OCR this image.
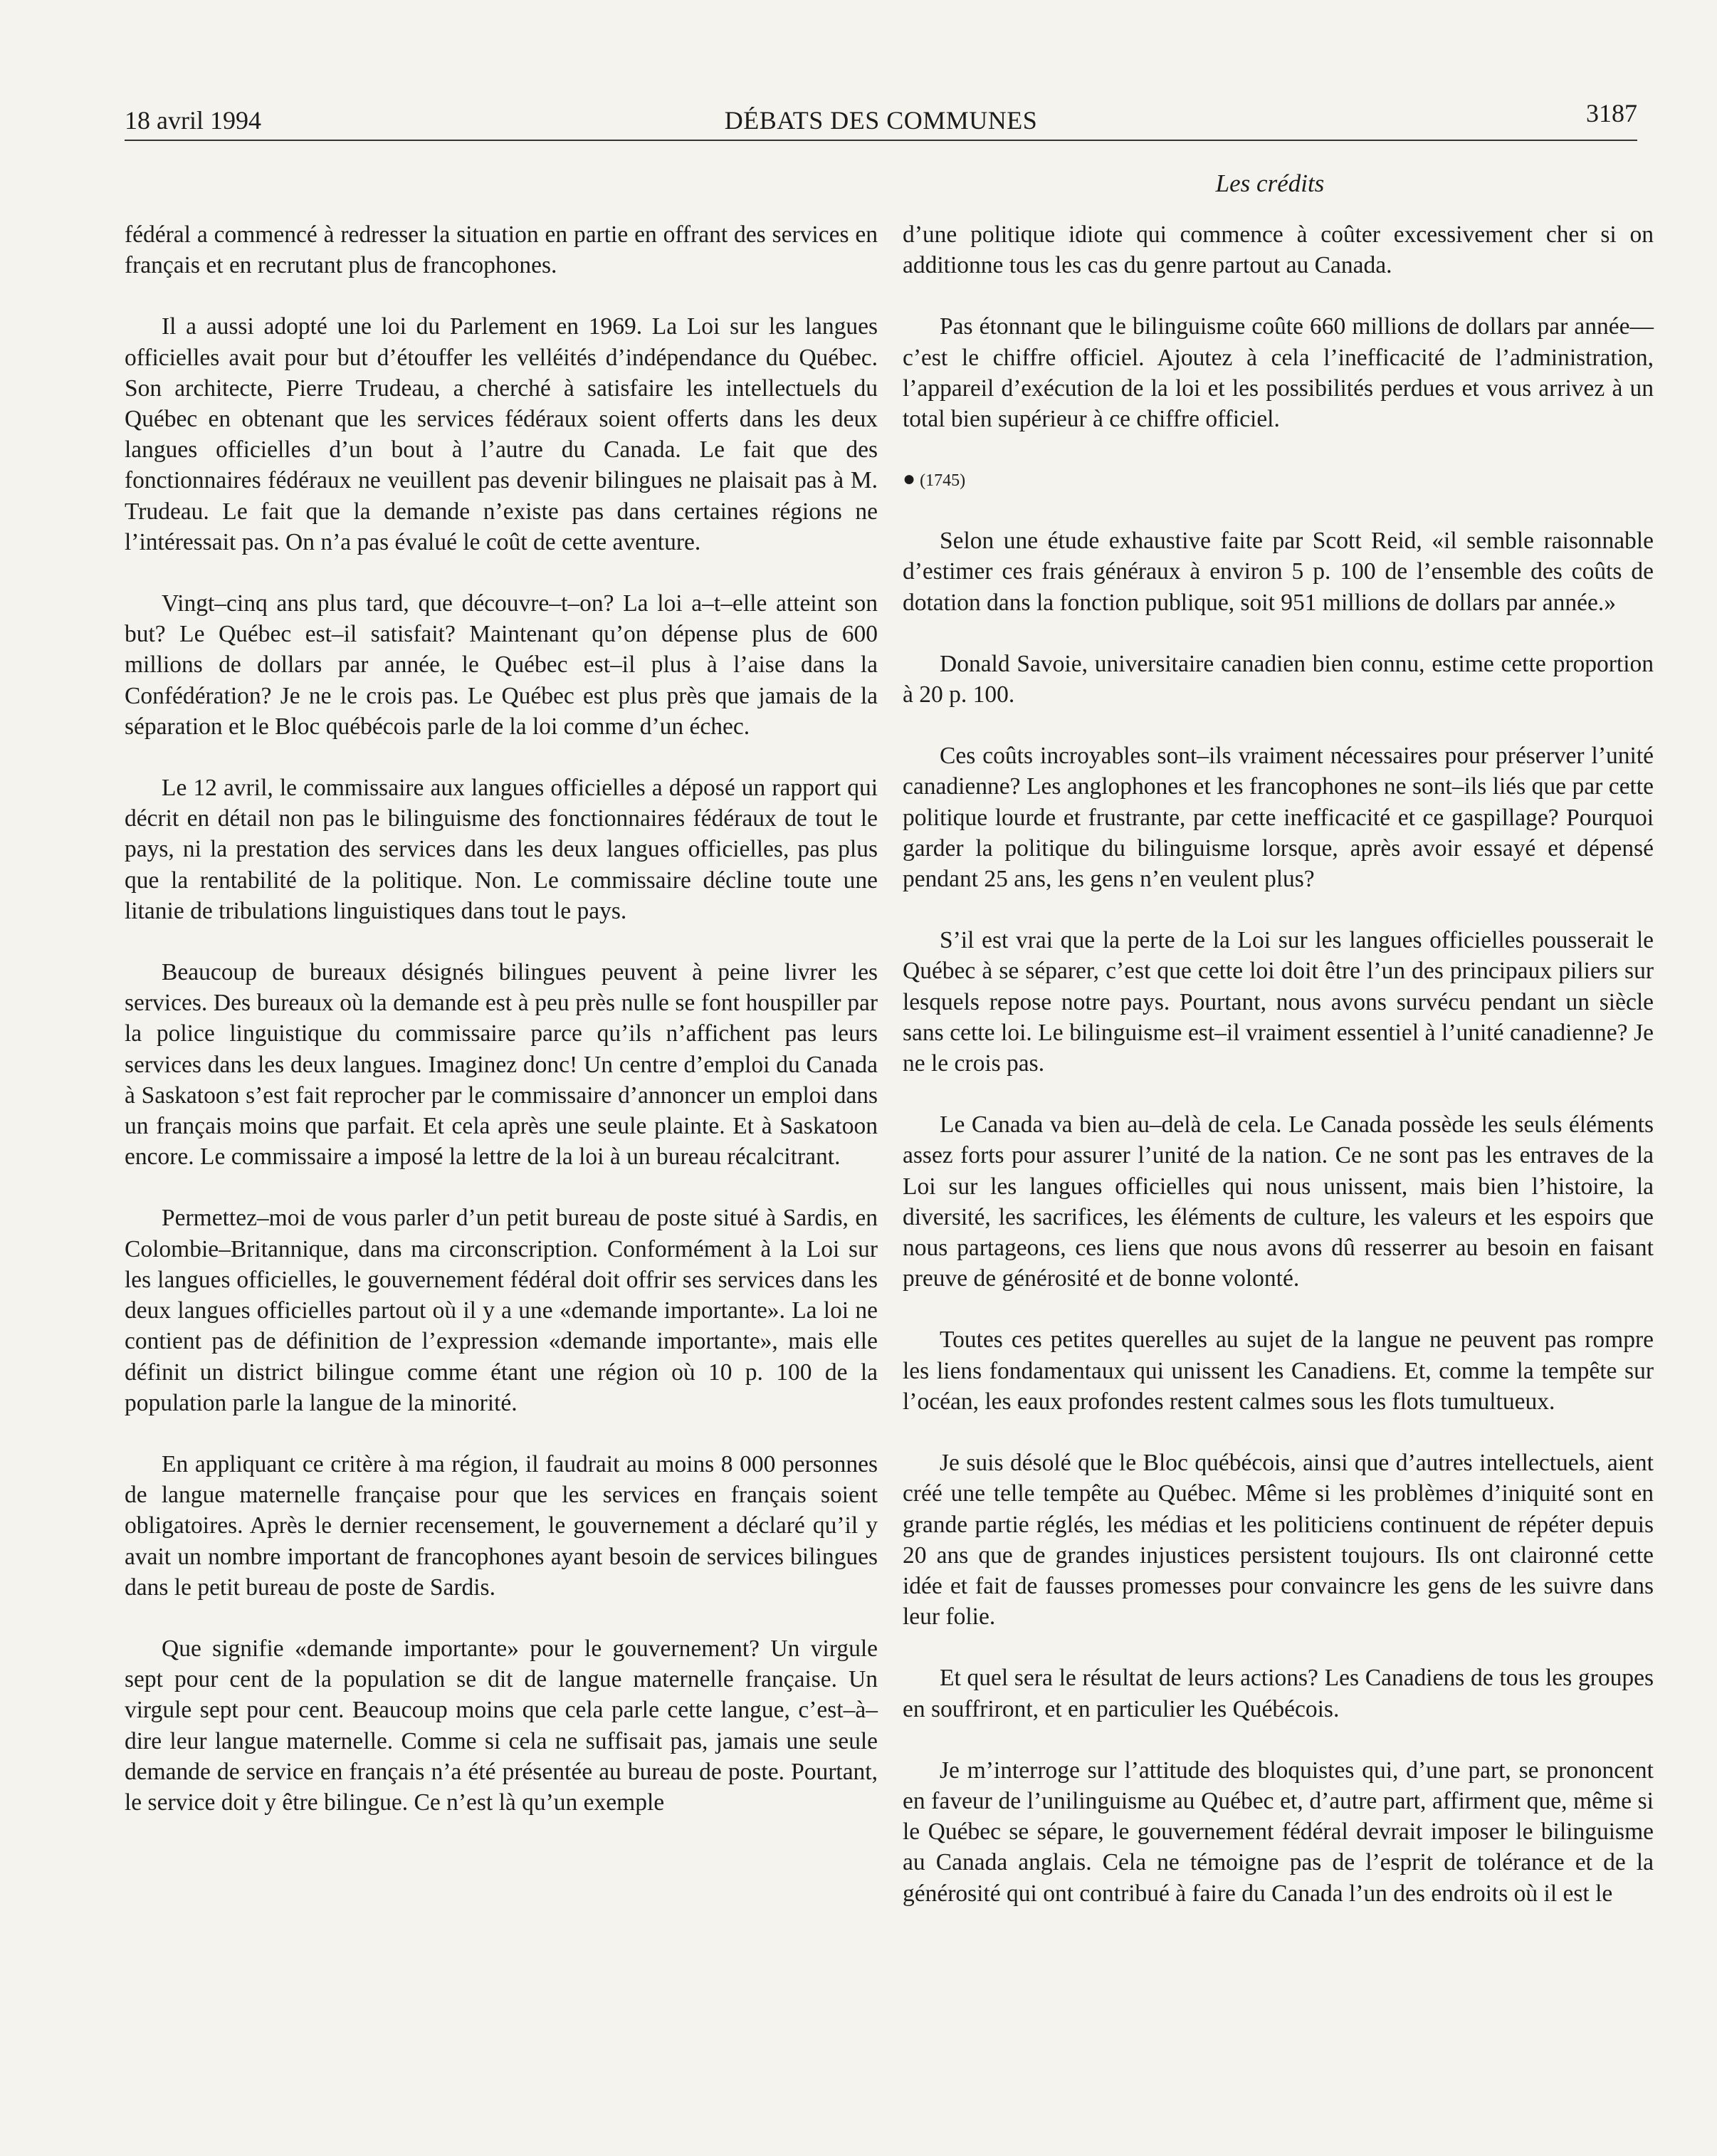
18 avril 1994	DÉBATS DES COMMUNES	3187
Les crédits

fédéral a commencé à redresser la situation en partie en offrant des services en français et en recrutant plus de francophones.

Il a aussi adopté une loi du Parlement en 1969. La Loi sur les langues officielles avait pour but d’étouffer les velléités d’indépendance du Québec. Son architecte, Pierre Trudeau, a cherché à satisfaire les intellectuels du Québec en obtenant que les services fédéraux soient offerts dans les deux langues officielles d’un bout à l’autre du Canada. Le fait que des fonctionnaires fédéraux ne veuillent pas devenir bilingues ne plaisait pas à M. Trudeau. Le fait que la demande n’existe pas dans certaines régions ne l’intéressait pas. On n’a pas évalué le coût de cette aventure.

Vingt–cinq ans plus tard, que découvre–t–on? La loi a–t–elle atteint son but? Le Québec est–il satisfait? Maintenant qu’on dépense plus de 600 millions de dollars par année, le Québec est–il plus à l’aise dans la Confédération? Je ne le crois pas. Le Québec est plus près que jamais de la séparation et le Bloc québécois parle de la loi comme d’un échec.

Le 12 avril, le commissaire aux langues officielles a déposé un rapport qui décrit en détail non pas le bilinguisme des fonctionnaires fédéraux de tout le pays, ni la prestation des services dans les deux langues officielles, pas plus que la rentabilité de la politique. Non. Le commissaire décline toute une litanie de tribulations linguistiques dans tout le pays.

Beaucoup de bureaux désignés bilingues peuvent à peine livrer les services. Des bureaux où la demande est à peu près nulle se font houspiller par la police linguistique du commissaire parce qu’ils n’affichent pas leurs services dans les deux langues. Imaginez donc! Un centre d’emploi du Canada à Saskatoon s’est fait reprocher par le commissaire d’annoncer un emploi dans un français moins que parfait. Et cela après une seule plainte. Et à Saskatoon encore. Le commissaire a imposé la lettre de la loi à un bureau récalcitrant.

Permettez–moi de vous parler d’un petit bureau de poste situé à Sardis, en Colombie–Britannique, dans ma circonscription. Conformément à la Loi sur les langues officielles, le gouvernement fédéral doit offrir ses services dans les deux langues officielles partout où il y a une «demande importante». La loi ne contient pas de définition de l’expression «demande importante», mais elle définit un district bilingue comme étant une région où 10 p. 100 de la population parle la langue de la minorité.

En appliquant ce critère à ma région, il faudrait au moins 8 000 personnes de langue maternelle française pour que les services en français soient obligatoires. Après le dernier recensement, le gouvernement a déclaré qu’il y avait un nombre important de francophones ayant besoin de services bilingues dans le petit bureau de poste de Sardis.

Que signifie «demande importante» pour le gouvernement? Un virgule sept pour cent de la population se dit de langue maternelle française. Un virgule sept pour cent. Beaucoup moins que cela parle cette langue, c’est–à–dire leur langue maternelle. Comme si cela ne suffisait pas, jamais une seule demande de service en français n’a été présentée au bureau de poste. Pourtant, le service doit y être bilingue. Ce n’est là qu’un exemple

d’une politique idiote qui commence à coûter excessivement cher si on additionne tous les cas du genre partout au Canada.

Pas étonnant que le bilinguisme coûte 660 millions de dollars par année—c’est le chiffre officiel. Ajoutez à cela l’inefficacité de l’administration, l’appareil d’exécution de la loi et les possibilités perdues et vous arrivez à un total bien supérieur à ce chiffre officiel.

● (1745)

Selon une étude exhaustive faite par Scott Reid, «il semble raisonnable d’estimer ces frais généraux à environ 5 p. 100 de l’ensemble des coûts de dotation dans la fonction publique, soit 951 millions de dollars par année.»

Donald Savoie, universitaire canadien bien connu, estime cette proportion à 20 p. 100.

Ces coûts incroyables sont–ils vraiment nécessaires pour préserver l’unité canadienne? Les anglophones et les francophones ne sont–ils liés que par cette politique lourde et frustrante, par cette inefficacité et ce gaspillage? Pourquoi garder la politique du bilinguisme lorsque, après avoir essayé et dépensé pendant 25 ans, les gens n’en veulent plus?

S’il est vrai que la perte de la Loi sur les langues officielles pousserait le Québec à se séparer, c’est que cette loi doit être l’un des principaux piliers sur lesquels repose notre pays. Pourtant, nous avons survécu pendant un siècle sans cette loi. Le bilinguisme est–il vraiment essentiel à l’unité canadienne? Je ne le crois pas.

Le Canada va bien au–delà de cela. Le Canada possède les seuls éléments assez forts pour assurer l’unité de la nation. Ce ne sont pas les entraves de la Loi sur les langues officielles qui nous unissent, mais bien l’histoire, la diversité, les sacrifices, les éléments de culture, les valeurs et les espoirs que nous partageons, ces liens que nous avons dû resserrer au besoin en faisant preuve de générosité et de bonne volonté.

Toutes ces petites querelles au sujet de la langue ne peuvent pas rompre les liens fondamentaux qui unissent les Canadiens. Et, comme la tempête sur l’océan, les eaux profondes restent calmes sous les flots tumultueux.

Je suis désolé que le Bloc québécois, ainsi que d’autres intellectuels, aient créé une telle tempête au Québec. Même si les problèmes d’iniquité sont en grande partie réglés, les médias et les politiciens continuent de répéter depuis 20 ans que de grandes injustices persistent toujours. Ils ont claironné cette idée et fait de fausses promesses pour convaincre les gens de les suivre dans leur folie.

Et quel sera le résultat de leurs actions? Les Canadiens de tous les groupes en souffriront, et en particulier les Québécois.

Je m’interroge sur l’attitude des bloquistes qui, d’une part, se prononcent en faveur de l’unilinguisme au Québec et, d’autre part, affirment que, même si le Québec se sépare, le gouvernement fédéral devrait imposer le bilinguisme au Canada anglais. Cela ne témoigne pas de l’esprit de tolérance et de la générosité qui ont contribué à faire du Canada l’un des endroits où il est le
